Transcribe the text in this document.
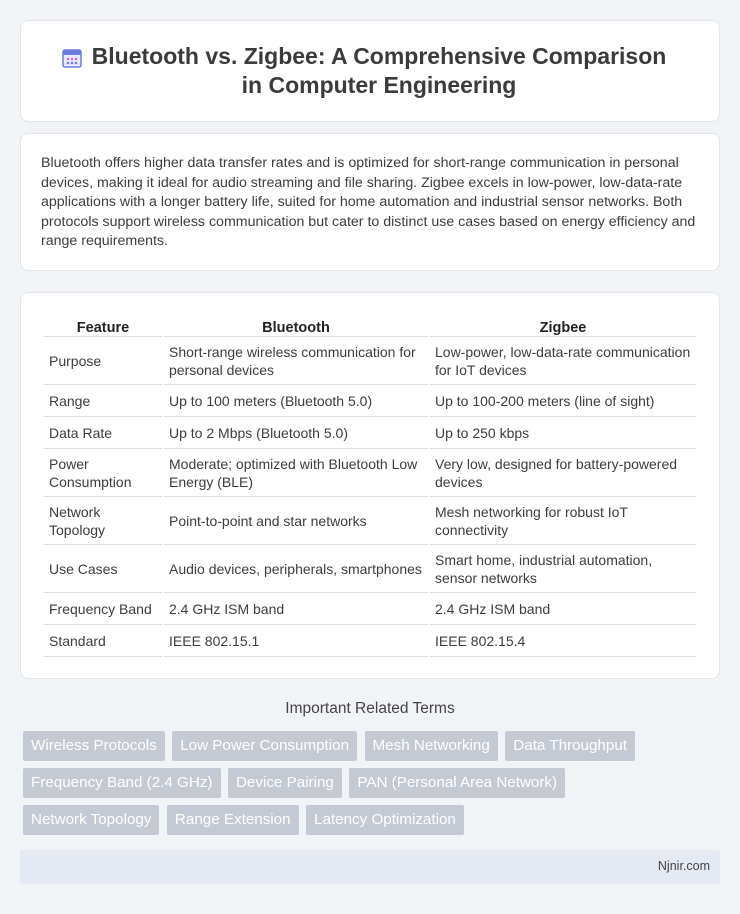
Bluetooth vs. Zigbee: A Comprehensive Comparison in Computer Engineering

Bluetooth offers higher data transfer rates and is optimized for short-range communication in personal devices, making it ideal for audio streaming and file sharing. Zigbee excels in low-power, low-data-rate applications with a longer battery life, suited for home automation and industrial sensor networks. Both protocols support wireless communication but cater to distinct use cases based on energy efficiency and range requirements.

Feature	Bluetooth	Zigbee
Purpose	Short-range wireless communication for personal devices	Low-power, low-data-rate communication for IoT devices
Range	Up to 100 meters (Bluetooth 5.0)	Up to 100-200 meters (line of sight)
Data Rate	Up to 2 Mbps (Bluetooth 5.0)	Up to 250 kbps
Power Consumption	Moderate; optimized with Bluetooth Low Energy (BLE)	Very low, designed for battery-powered devices
Network Topology	Point-to-point and star networks	Mesh networking for robust IoT connectivity
Use Cases	Audio devices, peripherals, smartphones	Smart home, industrial automation, sensor networks
Frequency Band	2.4 GHz ISM band	2.4 GHz ISM band
Standard	IEEE 802.15.1	IEEE 802.15.4
Important Related Terms
Wireless Protocols Low Power Consumption Mesh Networking Data Throughput Frequency Band (2.4 GHz) Device Pairing PAN (Personal Area Network) Network Topology Range Extension Latency Optimization
Njnir.com
